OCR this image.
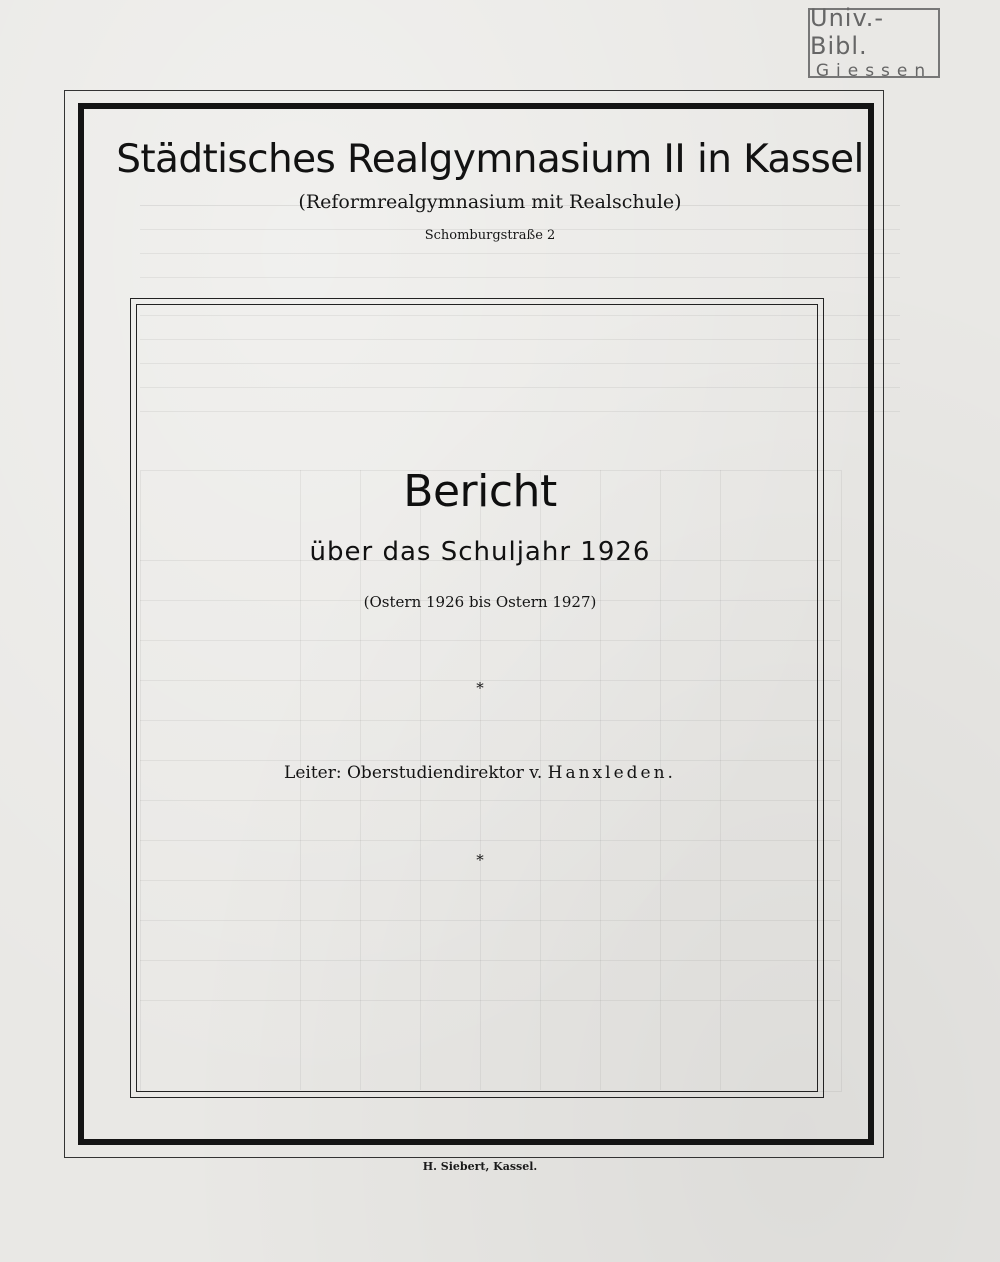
Univ.-Bibl.
Giessen
Städtisches Realgymnasium II in Kassel
(Reformrealgymnasium mit Realschule)
Schomburgstraße 2
Bericht
über das Schuljahr 1926
(Ostern 1926 bis Ostern 1927)
*
Leiter: Oberstudiendirektor v. Hanxleden.
*
H. Siebert, Kassel.
